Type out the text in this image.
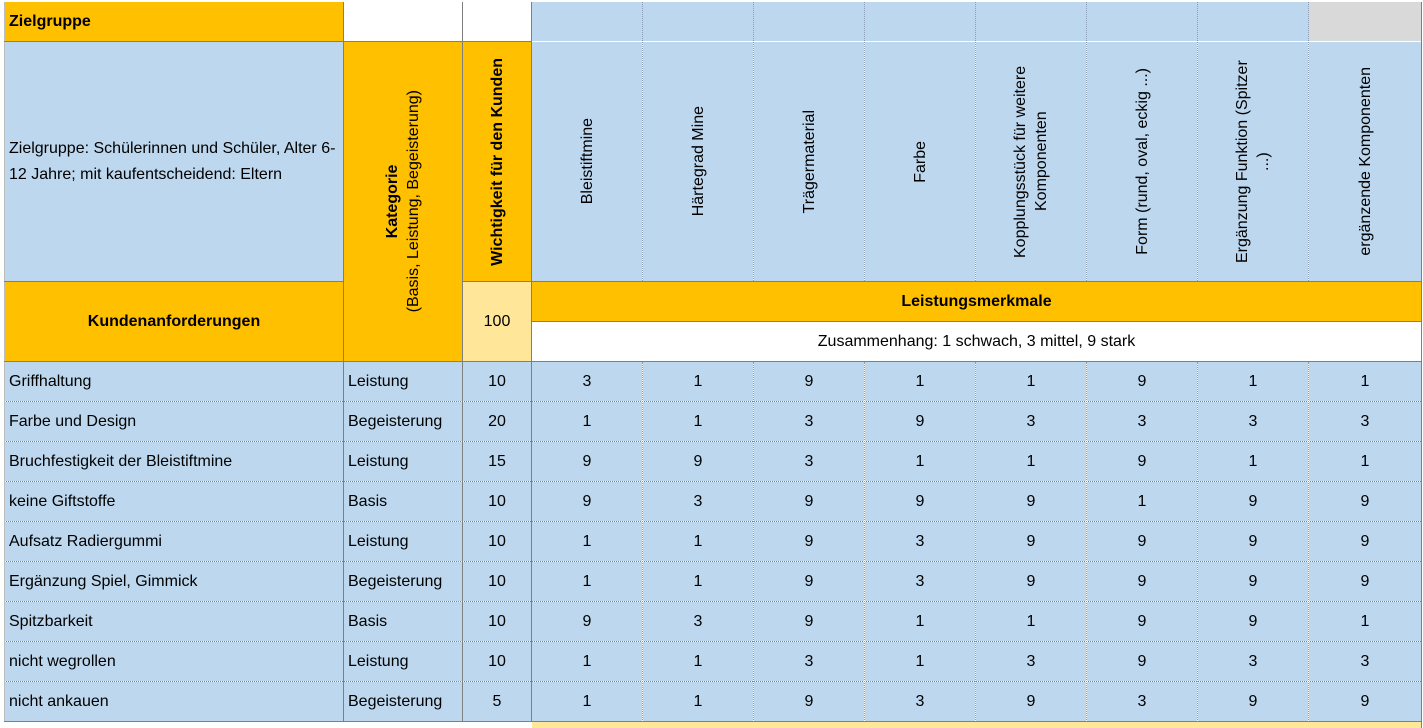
Zielgruppe
Zielgruppe: Schülerinnen und Schüler, Alter 6-12 Jahre; mit kaufentscheidend: Eltern	Kategorie (Basis, Leistung, Begeisterung)	Wichtigkeit für den Kunden	Bleistiftmine	Härtegrad Mine	Trägermaterial	Farbe	Kopplungsstück für weitere Komponenten	Form (rund, oval, eckig ...)	Ergänzung Funktion (Spitzer ...)	ergänzende Komponenten
Kundenanforderungen	100
Leistungsmerkmale
Zusammenhang: 1 schwach, 3 mittel, 9 stark
Griffhaltung	Leistung	10	3	1	9	1	1	9	1	1
Farbe und Design	Begeisterung	20	1	1	3	9	3	3	3	3
Bruchfestigkeit der Bleistiftmine	Leistung	15	9	9	3	1	1	9	1	1
keine Giftstoffe	Basis	10	9	3	9	9	9	1	9	9
Aufsatz Radiergummi	Leistung	10	1	1	9	3	9	9	9	9
Ergänzung Spiel, Gimmick	Begeisterung	10	1	1	9	3	9	9	9	9
Spitzbarkeit	Basis	10	9	3	9	1	1	9	9	1
nicht wegrollen	Leistung	10	1	1	3	1	3	9	3	3
nicht ankauen	Begeisterung	5	1	1	9	3	9	3	9	9
